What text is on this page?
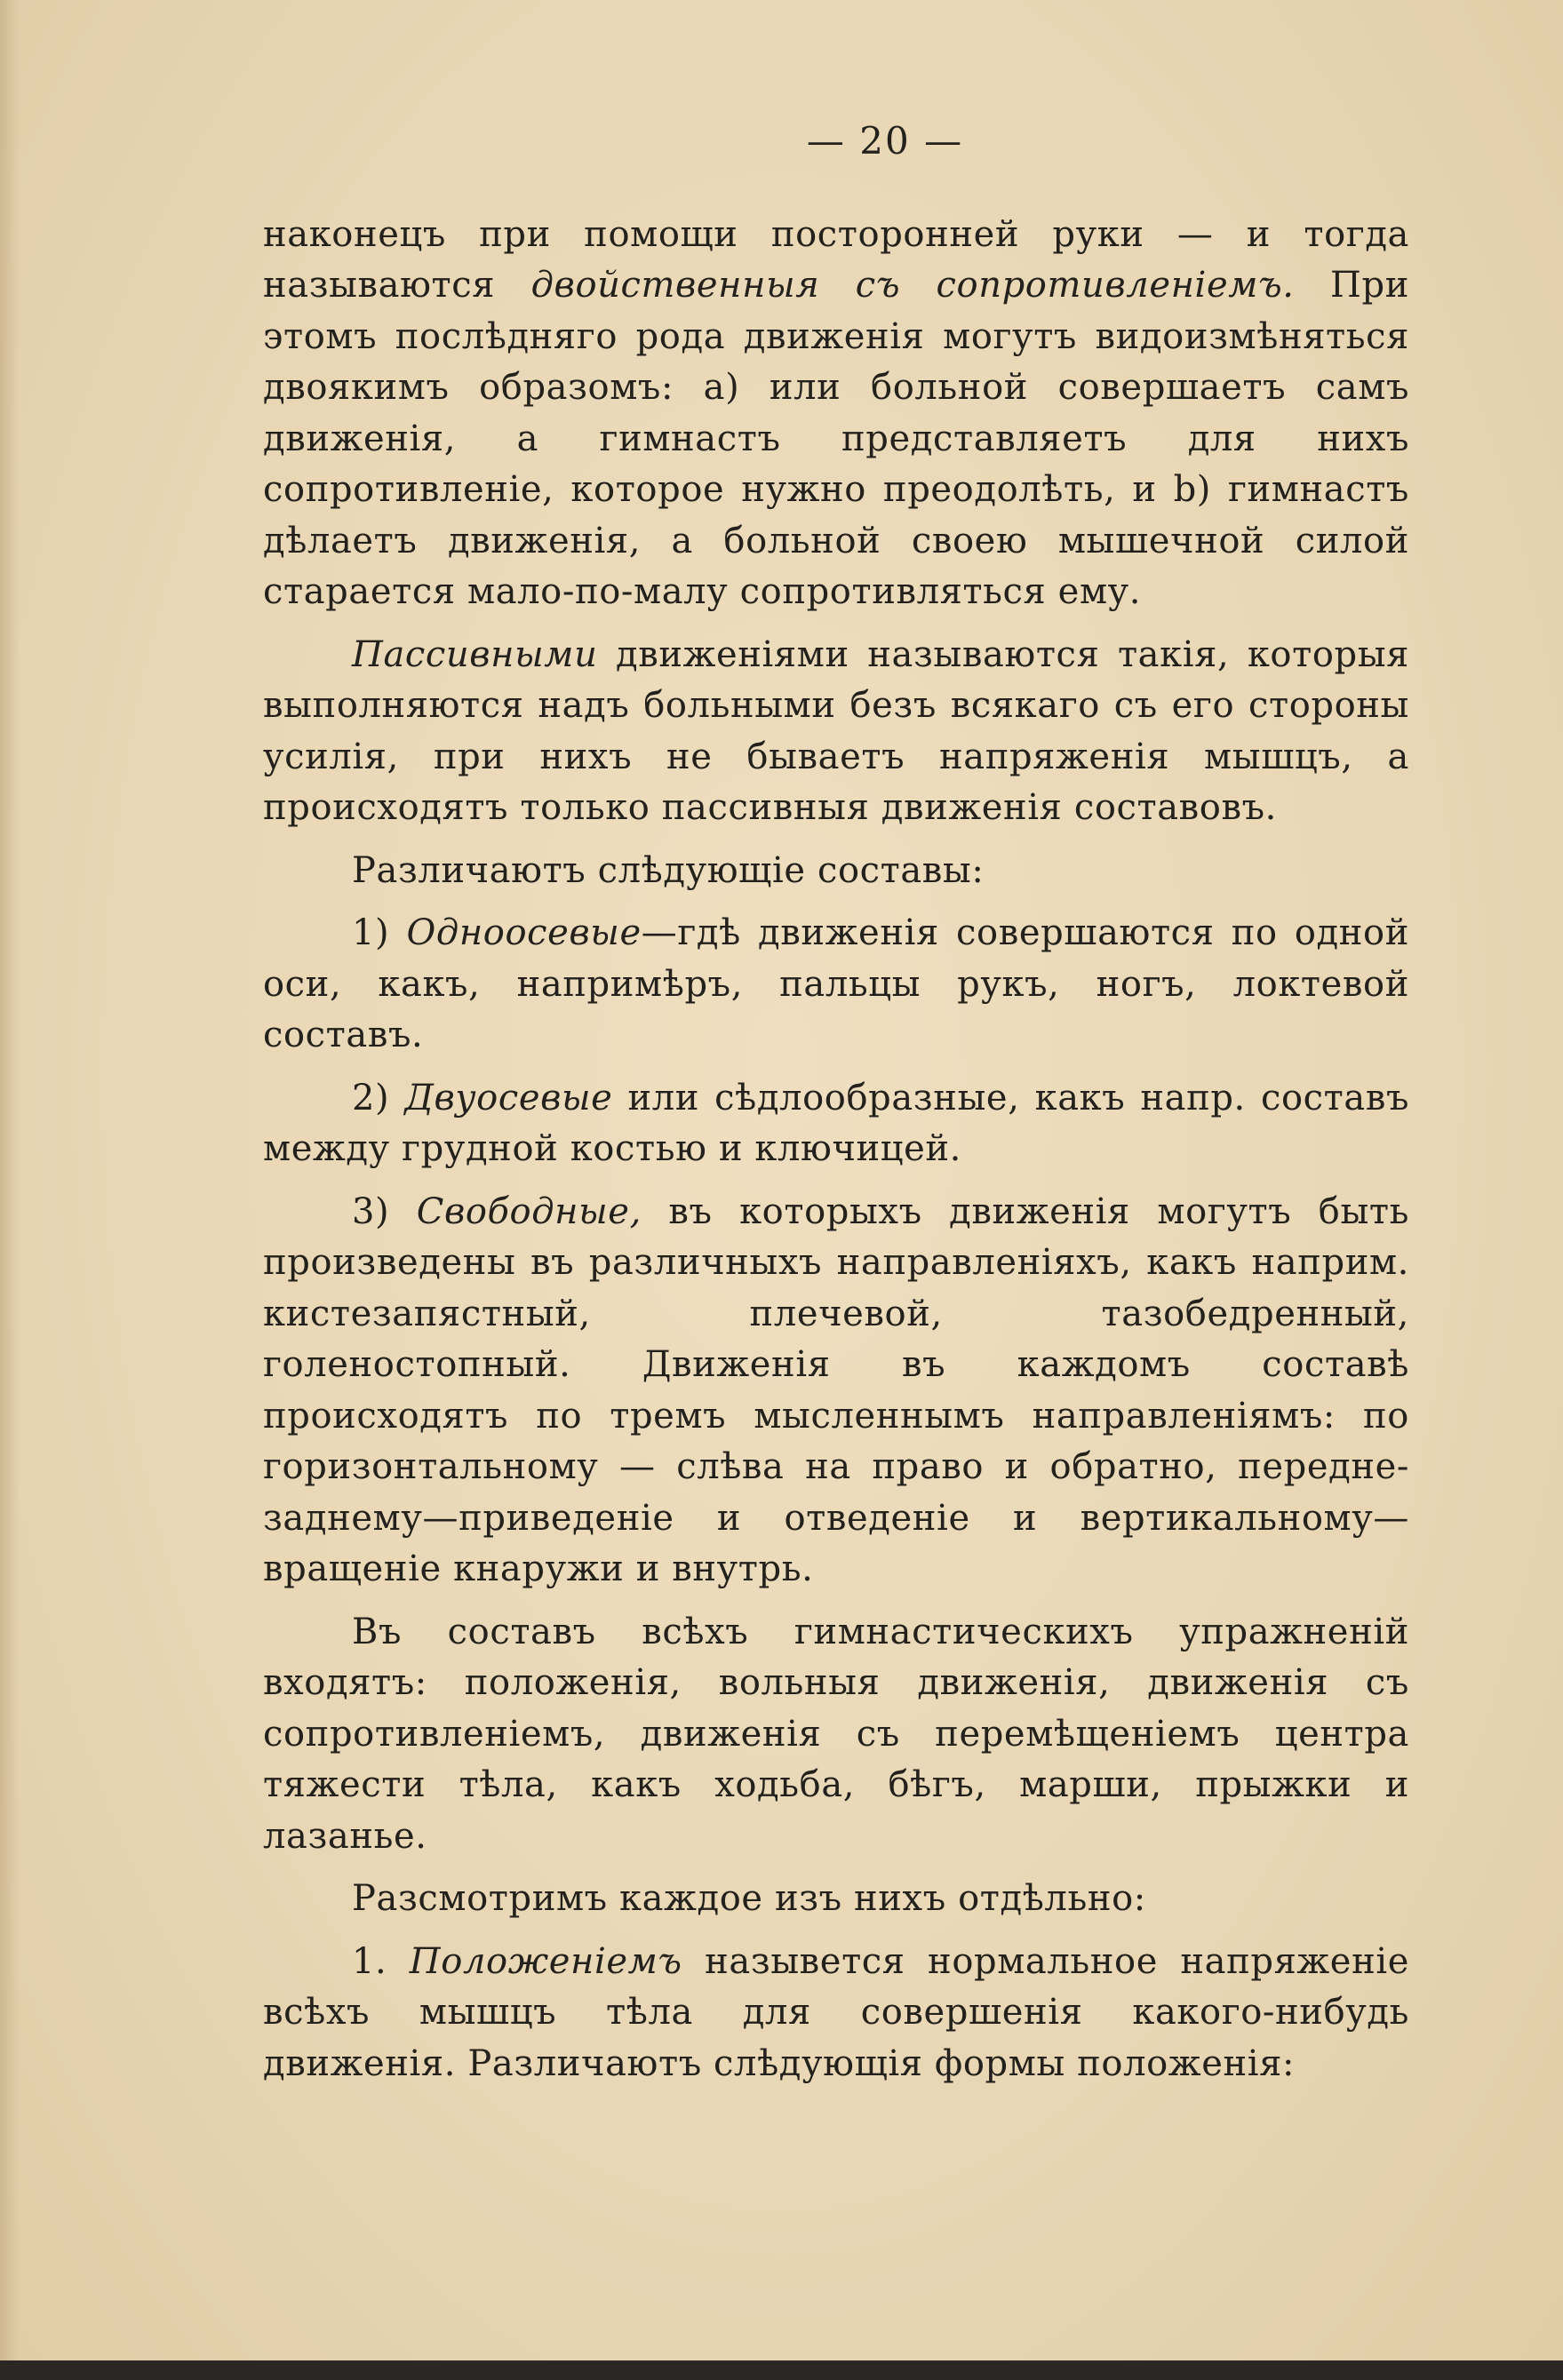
— 20 —

наконецъ при помощи посторонней руки — и тогда называются двойственныя съ сопротивленіемъ. При этомъ послѣдняго рода движенія могутъ видоизмѣняться двоякимъ образомъ: а) или больной совершаетъ самъ движенія, а гимнастъ представляетъ для нихъ сопротивленіе, которое нужно преодолѣть, и b) гимнастъ дѣлаетъ движенія, а больной своею мышечной силой старается мало-по-малу сопротивляться ему.

Пассивными движеніями называются такія, которыя выполняются надъ больными безъ всякаго съ его стороны усилія, при нихъ не бываетъ напряженія мышцъ, а происходятъ только пассивныя движенія составовъ.

Различаютъ слѣдующіе составы:

1) Одноосевые—гдѣ движенія совершаются по одной оси, какъ, напримѣръ, пальцы рукъ, ногъ, локтевой составъ.

2) Двуосевые или сѣдлообразные, какъ напр. составъ между грудной костью и ключицей.

3) Свободные, въ которыхъ движенія могутъ быть произведены въ различныхъ направленіяхъ, какъ наприм. кистезапястный, плечевой, тазобедренный, голеностопный. Движенія въ каждомъ составѣ происходятъ по тремъ мысленнымъ направленіямъ: по горизонтальному — слѣва на право и обратно, передне-заднему—приведеніе и отведеніе и вертикальному—вращеніе кнаружи и внутрь.

Въ составъ всѣхъ гимнастическихъ упражненій входятъ: положенія, вольныя движенія, движенія съ сопротивленіемъ, движенія съ перемѣщеніемъ центра тяжести тѣла, какъ ходьба, бѣгъ, марши, прыжки и лазанье.

Разсмотримъ каждое изъ нихъ отдѣльно:

1. Положеніемъ назывется нормальное напряженіе всѣхъ мышцъ тѣла для совершенія какого-нибудь движенія. Различаютъ слѣдующія формы положенія:
